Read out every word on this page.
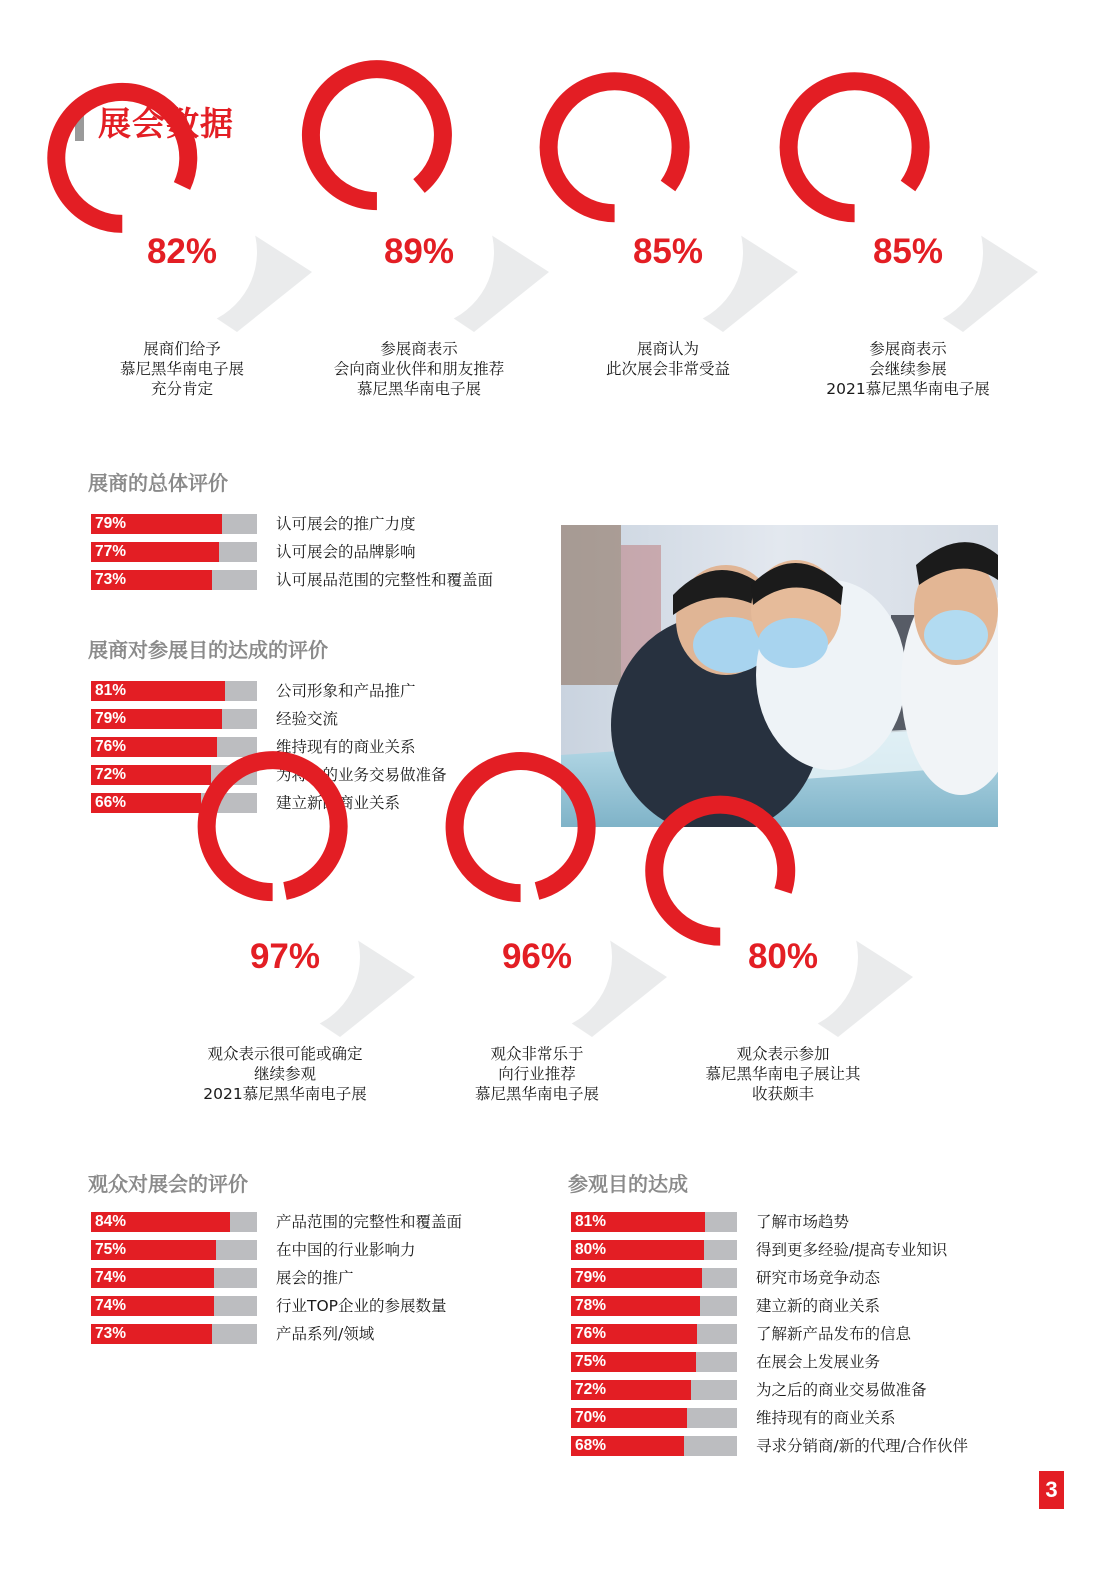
展会数据
82%
展商们给予
慕尼黑华南电子展
充分肯定
89%
参展商表示
会向商业伙伴和朋友推荐
慕尼黑华南电子展
85%
展商认为
此次展会非常受益
85%
参展商表示
会继续参展
2021慕尼黑华南电子展
展商的总体评价
79%	认可展会的推广力度
77%	认可展会的品牌影响
73%	认可展品范围的完整性和覆盖面
展商对参展目的达成的评价
81%	公司形象和产品推广
79%	经验交流
76%	维持现有的商业关系
72%	为将来的业务交易做准备
66%	建立新的商业关系
97%
观众表示很可能或确定
继续参观
2021慕尼黑华南电子展
96%
观众非常乐于
向行业推荐
慕尼黑华南电子展
80%
观众表示参加
慕尼黑华南电子展让其
收获颇丰
观众对展会的评价
84%	产品范围的完整性和覆盖面
75%	在中国的行业影响力
74%	展会的推广
74%	行业TOP企业的参展数量
73%	产品系列/领域
参观目的达成
81%	了解市场趋势
80%	得到更多经验/提高专业知识
79%	研究市场竞争动态
78%	建立新的商业关系
76%	了解新产品发布的信息
75%	在展会上发展业务
72%	为之后的商业交易做准备
70%	维持现有的商业关系
68%	寻求分销商/新的代理/合作伙伴
3
